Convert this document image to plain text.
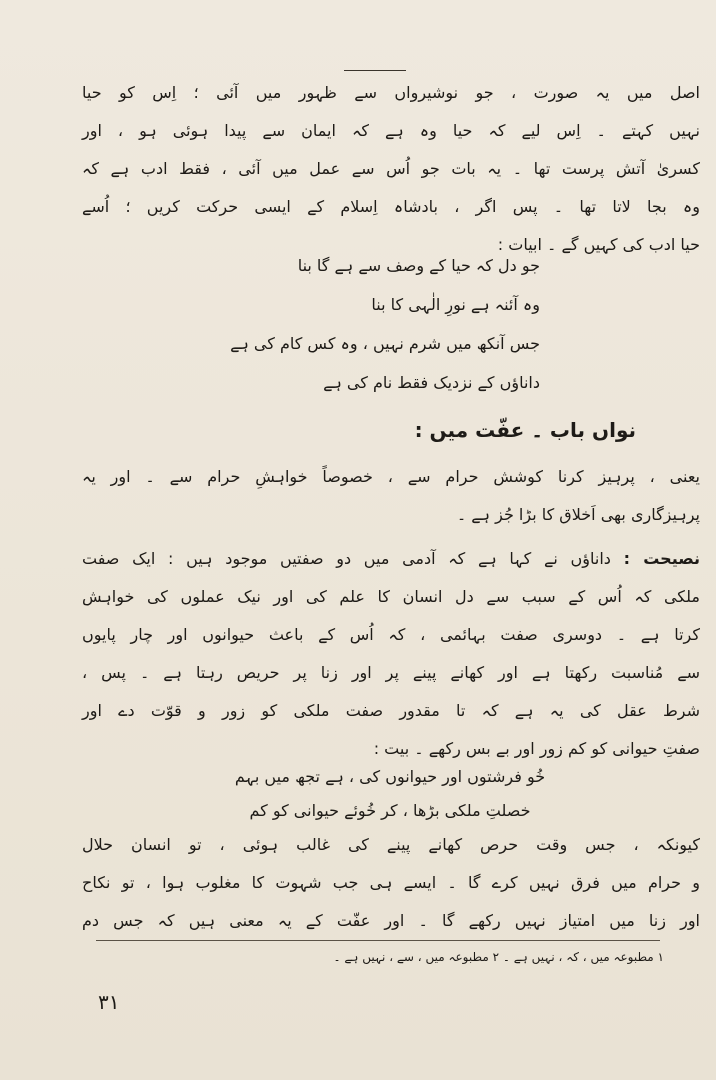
اصل میں یہ صورت ، جو نوشیرواں سے ظہور میں آئی ؛ اِس کو حیا
نہیں کہتے ۔ اِس لیے کہ حیا وہ ہے کہ ایمان سے پیدا ہوئی ہو ، اور
کسریٰ آتش پرست تھا ۔ یہ بات جو اُس سے عمل میں آئی ، فقط ادب ہے کہ
وہ بجا لاتا تھا ۔ پس اگر ، بادشاہ اِسلام کے ایسی حرکت کریں ؛ اُسے
حیا ادب کی کہیں گے ۔ ابیات :
جو دل کہ حیا کے وصف سے ہے گا بنا
وہ آئنہ ہے نورِ الٰہی کا بنا
جس آنکھ میں شرم نہیں ، وہ کس کام کی ہے
داناؤں کے نزدیک فقط نام کی ہے
نواں باب ۔ عفّت میں :
یعنی ، پرہیز کرنا کوشش حرام سے ، خصوصاً خواہشِ حرام سے ۔ اور یہ
پرہیزگاری بھی اَخلاق کا بڑا جُز ہے ۔
نصیحت : داناؤں نے کہا ہے کہ آدمی میں دو صفتیں موجود ہیں : ایک صفت
ملکی کہ اُس کے سبب سے دل انسان کا علم کی اور نیک عملوں کی خواہش
کرتا ہے ۔ دوسری صفت بہائمی ، کہ اُس کے باعث حیوانوں اور چار پایوں
سے مُناسبت رکھتا ہے اور کھانے پینے پر اور زنا پر حریص رہتا ہے ۔ پس ،
شرط عقل کی یہ ہے کہ تا مقدور صفت ملکی کو زور و قوّت دے اور
صفتِ حیوانی کو کم زور اور بے بس رکھے ۔ بیت :
خُو فرشتوں اور حیوانوں کی ، ہے تجھ میں بہم
خصلتِ ملکی بڑھا ، کر خُوئے حیوانی کو کم
کیونکہ ، جس وقت حرص کھانے پینے کی غالب ہوئی ، تو انسان حلال
و حرام میں فرق نہیں کرے گا ۔ ایسے ہی جب شہوت کا مغلوب ہوا ، تو نکاح
اور زنا میں امتیاز نہیں رکھے گا ۔ اور عفّت کے یہ معنی ہیں کہ جس دم
۱ مطبوعہ میں ، کہ ، نہیں ہے ۔ ۲ مطبوعہ میں ، سے ، نہیں ہے ۔
۳۱
